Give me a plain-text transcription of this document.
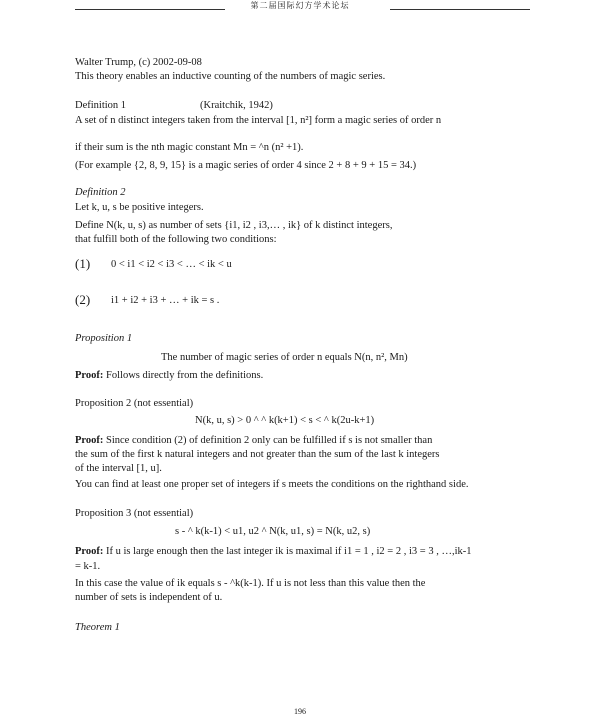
第二届国际幻方学术论坛
Walter Trump, (c) 2002-09-08
This theory enables an inductive counting of the numbers of magic series.
Definition 1	(Kraitchik, 1942)
A set of n distinct integers taken from the interval [1, n²] form a magic series of order n
if their sum is the nth magic constant Mn = ^n (n² +1).
(For example {2, 8, 9, 15} is a magic series of order 4 since 2 + 8 + 9 + 15 = 34.)
Definition 2
Let k, u, s be positive integers.
Define N(k, u, s) as number of sets {i1, i2 , i3,… , ik} of k distinct integers,
that fulfill both of the following two conditions:
(1) 0 < i1 < i2 < i3 < … < ik < u
(2) i1 + i2 + i3 + … + ik = s .
Proposition 1
The number of magic series of order n equals N(n, n², Mn)
Proof: Follows directly from the definitions.
Proposition 2 (not essential)
N(k, u, s) > 0 ^ ^ k(k+1) < s < ^ k(2u-k+1)
Proof: Since condition (2) of definition 2 only can be fulfilled if s is not smaller than
the sum of the first k natural integers and not greater than the sum of the last k integers
of the interval [1, u].
You can find at least one proper set of integers if s meets the conditions on the righthand side.
Proposition 3 (not essential)
s - ^ k(k-1) < u1, u2 ^ N(k, u1, s) = N(k, u2, s)
Proof: If u is large enough then the last integer ik is maximal if i1 = 1 , i2 = 2 , i3 = 3 , …,ik-1
= k-1.
In this case the value of ik equals s - ^k(k-1). If u is not less than this value then the
number of sets is independent of u.
Theorem 1
196
